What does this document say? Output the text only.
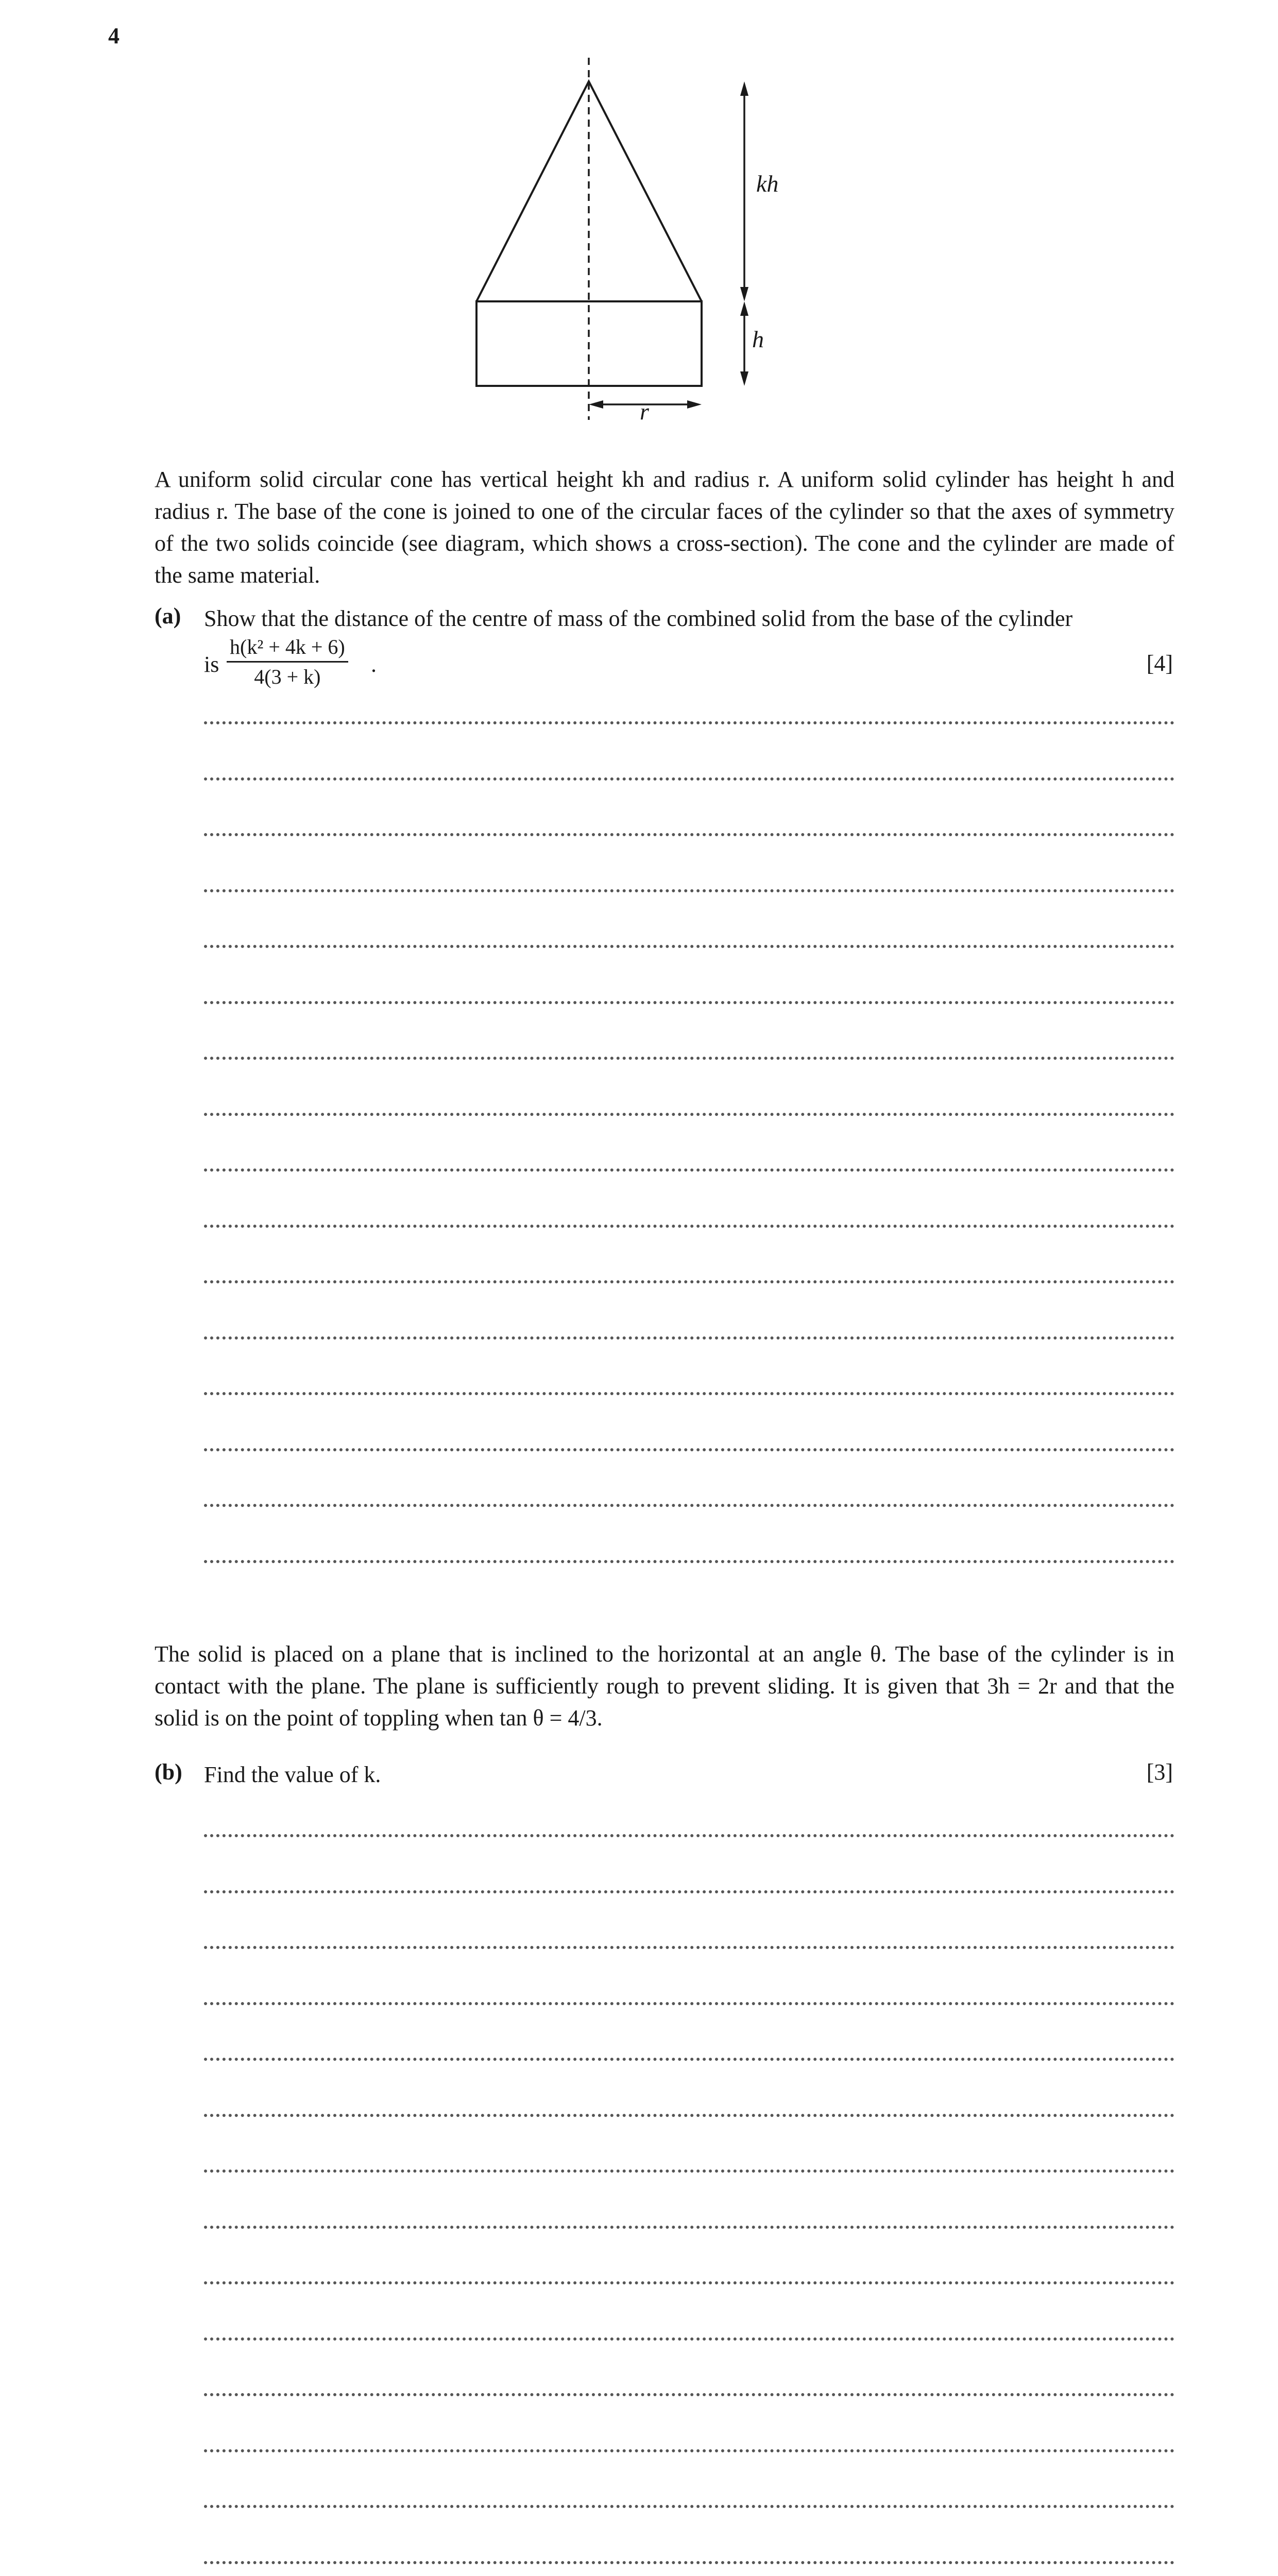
4
kh
h
r
A uniform solid circular cone has vertical height kh and radius r. A uniform solid cylinder has height h and radius r. The base of the cone is joined to one of the circular faces of the cylinder so that the axes of symmetry of the two solids coincide (see diagram, which shows a cross-section). The cone and the cylinder are made of the same material.
(a) Show that the distance of the centre of mass of the combined solid from the base of the cylinder
is $\frac{\text{h(k² + 4k + 6)}}{4(3 + k)}$ .	[4]
The solid is placed on a plane that is inclined to the horizontal at an angle θ. The base of the cylinder is in contact with the plane. The plane is sufficiently rough to prevent sliding. It is given that 3h = 2r and that the solid is on the point of toppling when tan θ = 4/3.
(b) Find the value of k.	[3]
